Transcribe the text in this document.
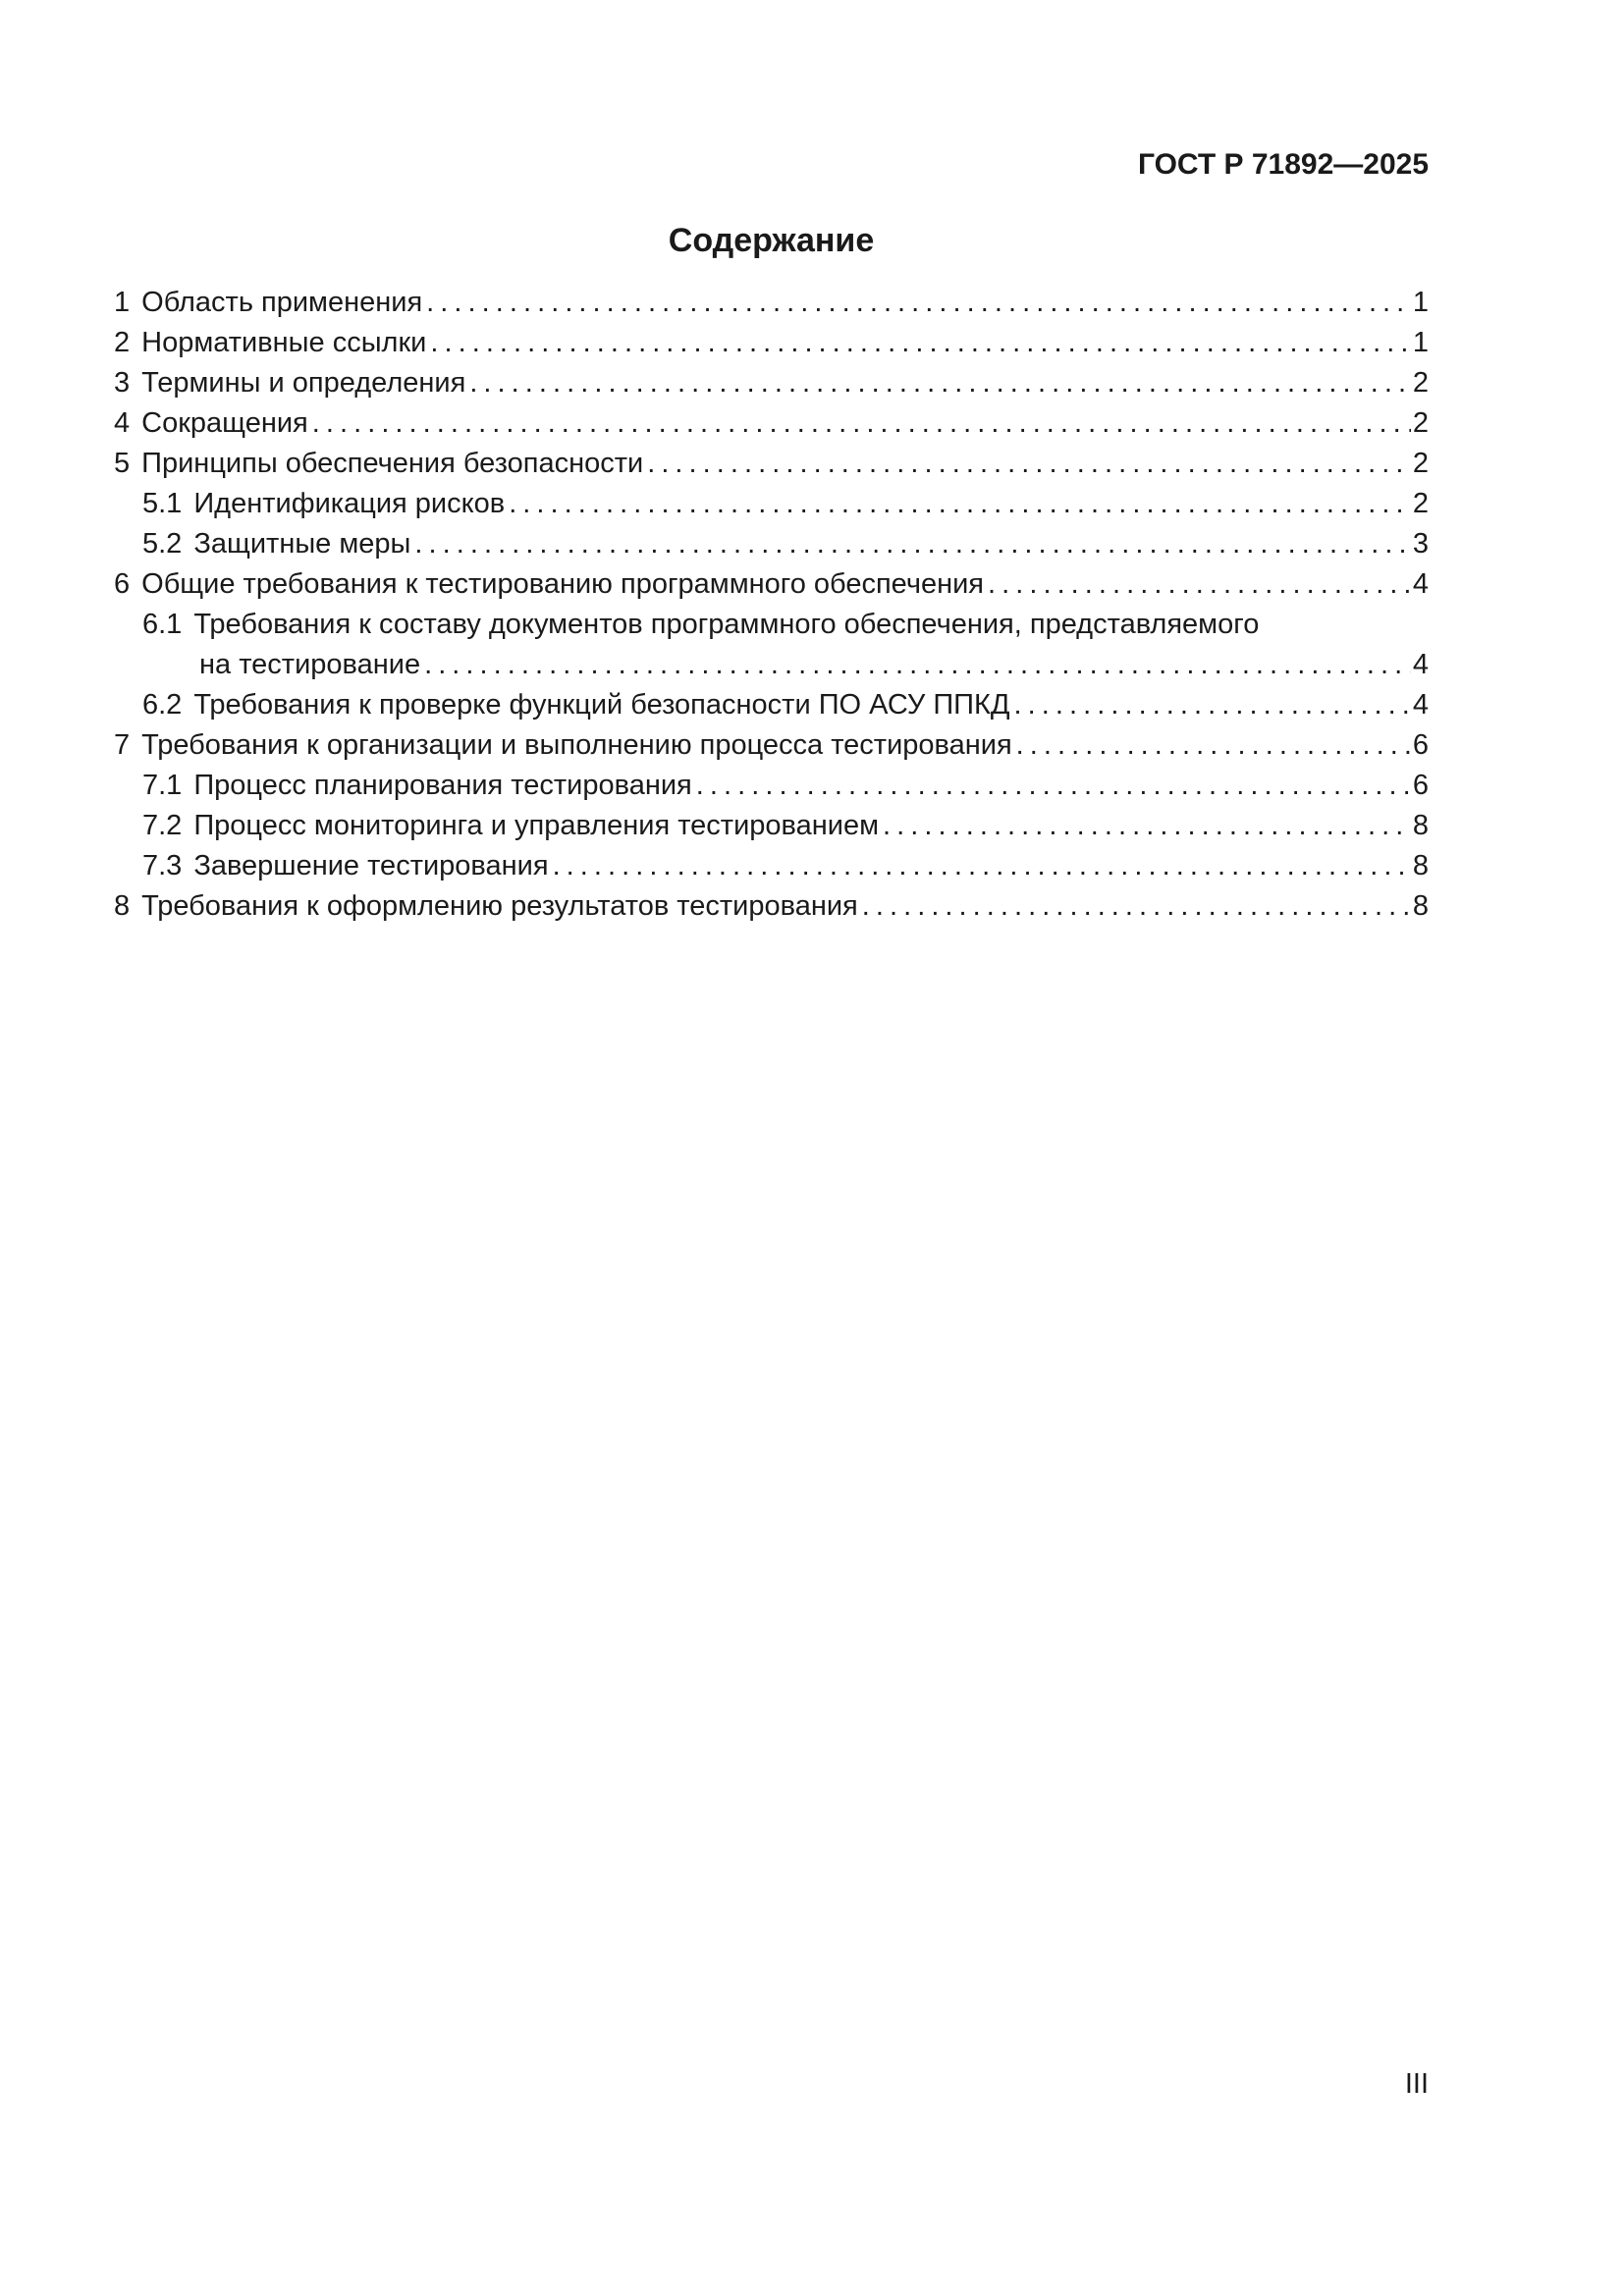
ГОСТ Р 71892—2025
Содержание
1 Область применения . . .	1
2 Нормативные ссылки . . .	1
3 Термины и определения . . .	2
4 Сокращения . . .	2
5 Принципы обеспечения безопасности . . .	2
5.1 Идентификация рисков . . .	2
5.2 Защитные меры . . .	3
6 Общие требования к тестированию программного обеспечения . . .	4
6.1 Требования к составу документов программного обеспечения, представляемого
на тестирование . . .	4
6.2 Требования к проверке функций безопасности ПО АСУ ППКД . . .	4
7 Требования к организации и выполнению процесса тестирования . . .	6
7.1 Процесс планирования тестирования . . .	6
7.2 Процесс мониторинга и управления тестированием . . .	8
7.3 Завершение тестирования . . .	8
8 Требования к оформлению результатов тестирования . . .	8
III
